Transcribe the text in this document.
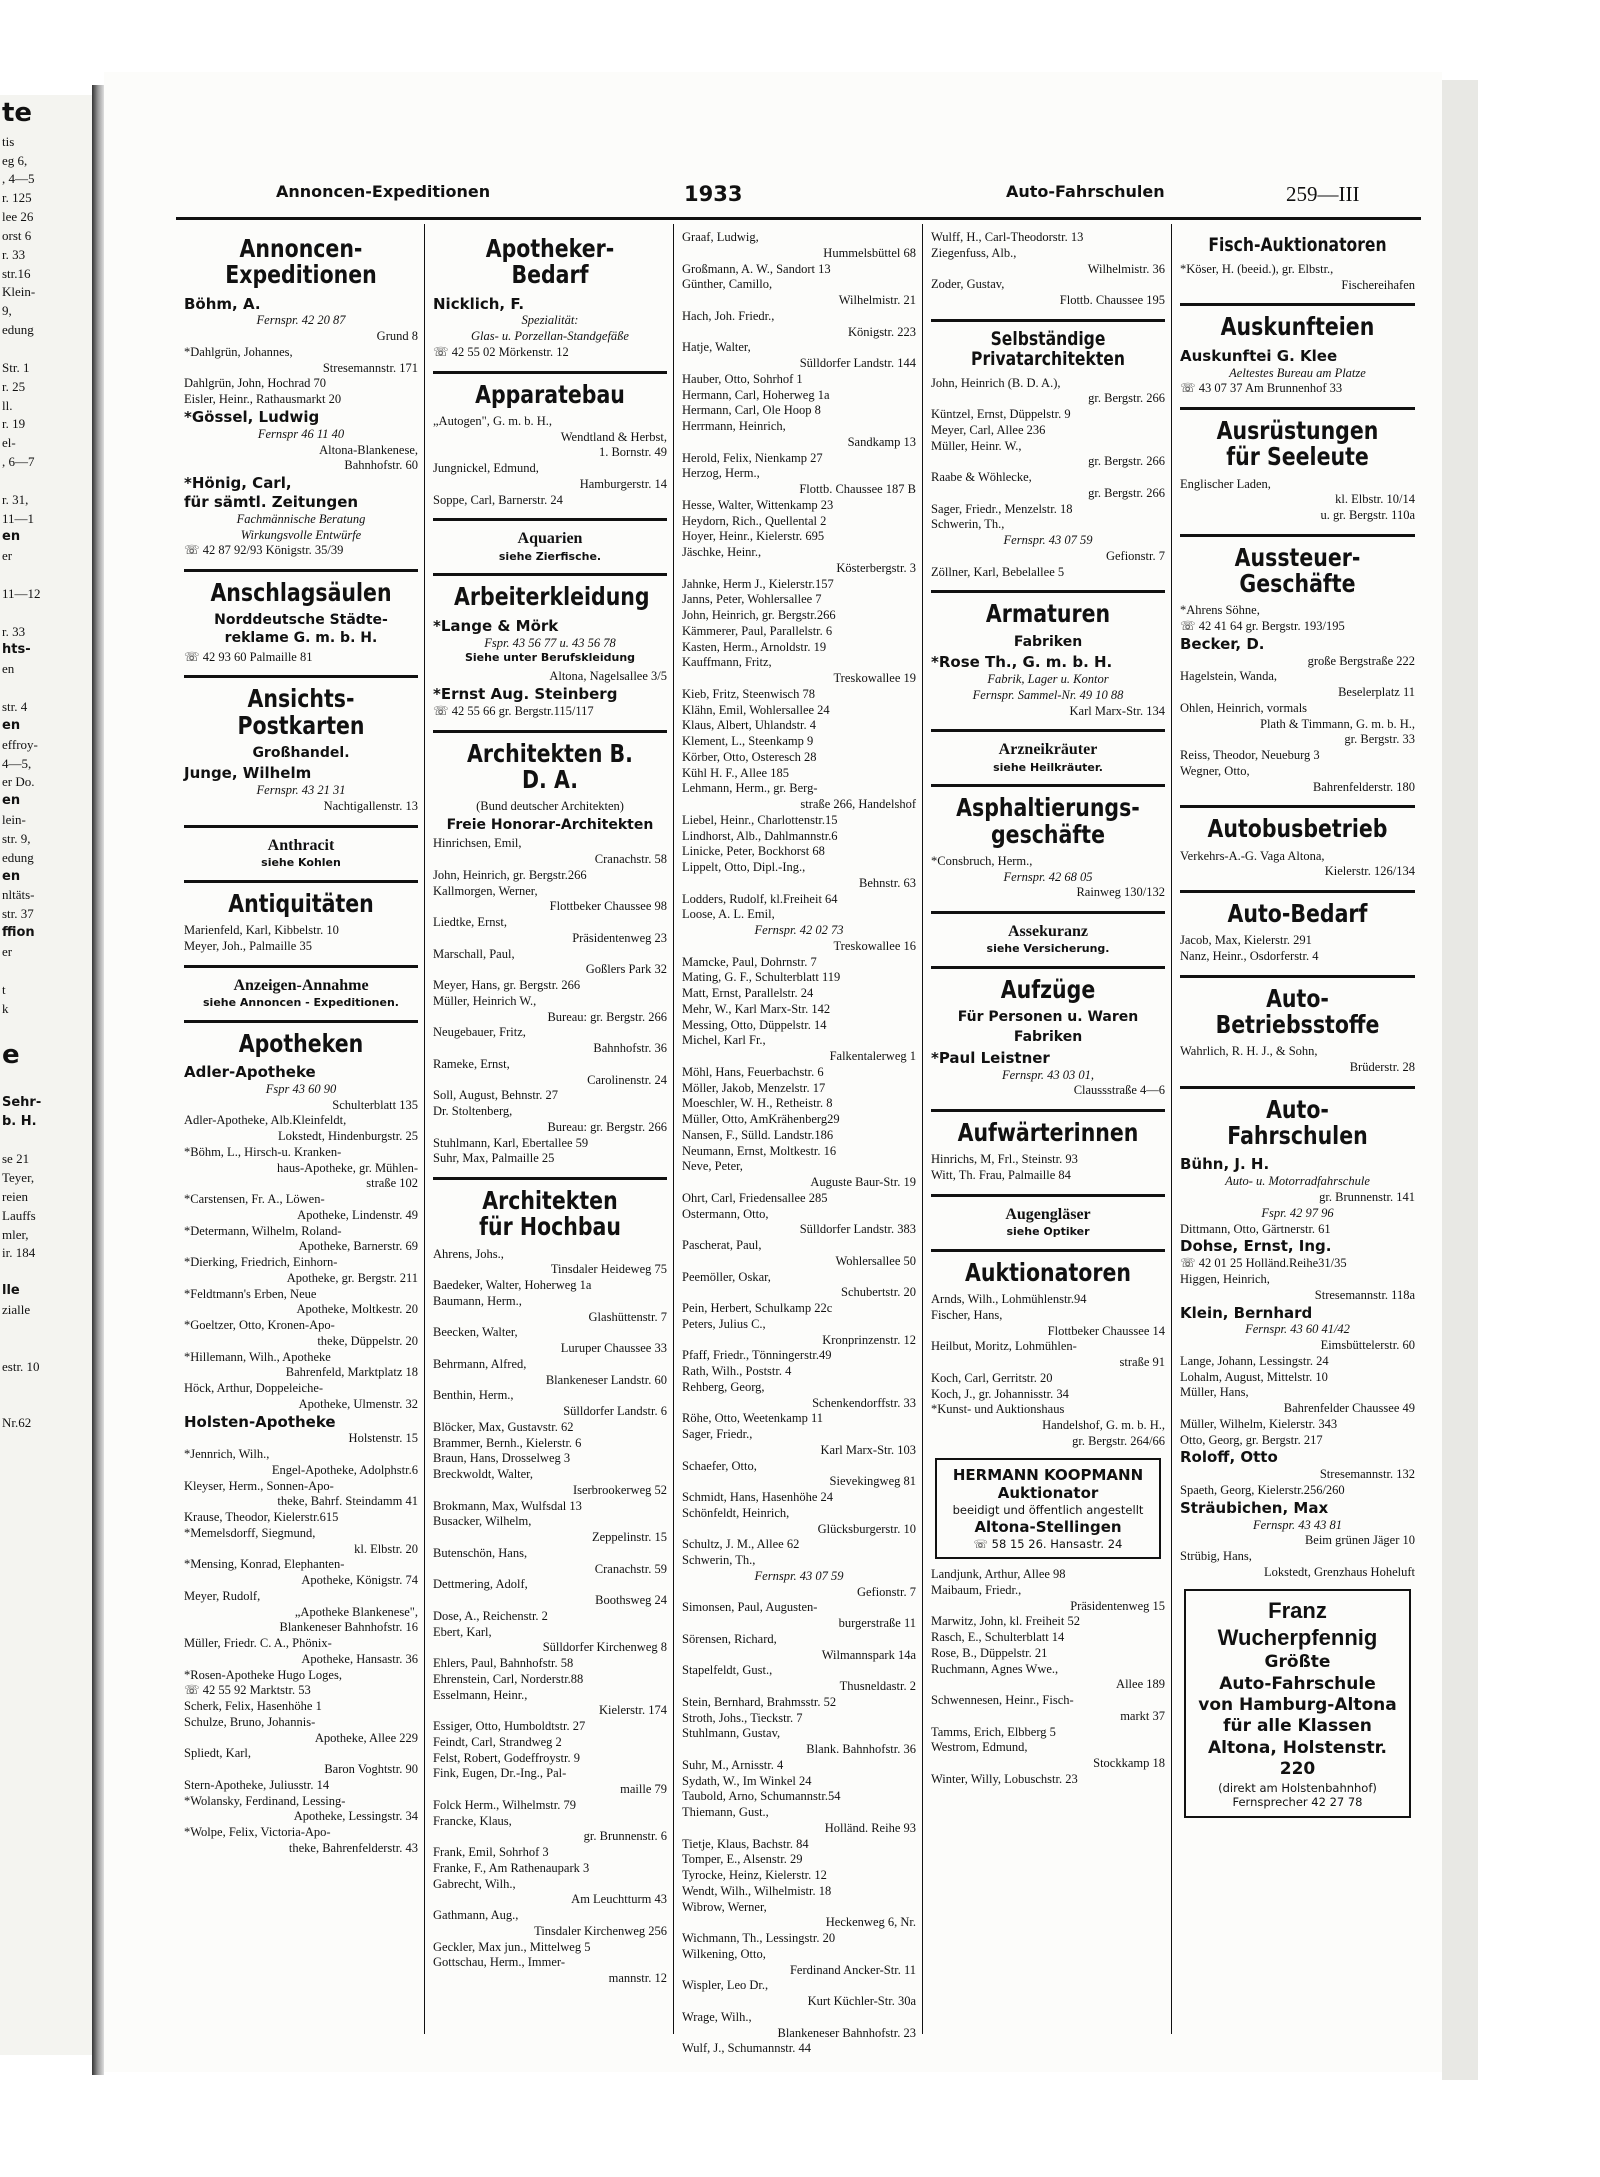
te
tis
eg 6,
, 4—5
r. 125
lee 26
orst 6
r. 33
str.16
Klein-
9,
edung

Str. 1
r. 25
ll.
r. 19
el-
, 6—7

r. 31,
11—1
en
er

11—12

r. 33
hts-
en

str. 4
en
effroy-
4—5,
er Do.
en
lein-
str. 9,
edung
en
nltäts-
str. 37
ffion
er

t
k

e

Sehr-
b. H.

se 21
Teyer,
reien
Lauffs
mler,
ir. 184

lle
zialle

estr. 10

Nr.62
Annoncen-Expeditionen	1933	Auto-Fahrschulen	259—III
Annoncen-
Expeditionen
Böhm, A.
Fernspr. 42 20 87
Grund 8
*Dahlgrün, Johannes,
Stresemannstr. 171
Dahlgrün, John, Hochrad 70
Eisler, Heinr., Rathausmarkt 20
*Gössel, Ludwig
Fernspr 46 11 40
Altona-Blankenese,
Bahnhofstr. 60
*Hönig, Carl,
für sämtl. Zeitungen
Fachmännische Beratung
Wirkungsvolle Entwürfe
☏ 42 87 92/93 Königstr. 35/39
Anschlagsäulen
Norddeutsche Städte-
reklame G. m. b. H.
☏ 42 93 60 Palmaille 81
Ansichts-Postkarten
Großhandel.
Junge, Wilhelm
Fernspr. 43 21 31
Nachtigallenstr. 13
Anthracit
siehe Kohlen
Antiquitäten
Marienfeld, Karl, Kibbelstr. 10
Meyer, Joh., Palmaille 35
Anzeigen-Annahme
siehe Annoncen - Expeditionen.
Apotheken
Adler-Apotheke
Fspr 43 60 90
Schulterblatt 135
Adler-Apotheke, Alb.Kleinfeldt,
Lokstedt, Hindenburgstr. 25
*Böhm, L., Hirsch-u. Kranken-
haus-Apotheke, gr. Mühlen-
straße 102
*Carstensen, Fr. A., Löwen-
Apotheke, Lindenstr. 49
*Determann, Wilhelm, Roland-
Apotheke, Barnerstr. 69
*Dierking, Friedrich, Einhorn-
Apotheke, gr. Bergstr. 211
*Feldtmann's Erben, Neue
Apotheke, Moltkestr. 20
*Goeltzer, Otto, Kronen-Apo-
theke, Düppelstr. 20
*Hillemann, Wilh., Apotheke
Bahrenfeld, Marktplatz 18
Höck, Arthur, Doppeleiche-
Apotheke, Ulmenstr. 32
Holsten-Apotheke
Holstenstr. 15
*Jennrich, Wilh.,
Engel-Apotheke, Adolphstr.6
Kleyser, Herm., Sonnen-Apo-
theke, Bahrf. Steindamm 41
Krause, Theodor, Kielerstr.615
*Memelsdorff, Siegmund,
kl. Elbstr. 20
*Mensing, Konrad, Elephanten-
Apotheke, Königstr. 74
Meyer, Rudolf,
„Apotheke Blankenese",
Blankeneser Bahnhofstr. 16
Müller, Friedr. C. A., Phönix-
Apotheke, Hansastr. 36
*Rosen-Apotheke Hugo Loges,
☏ 42 55 92 Marktstr. 53
Scherk, Felix, Hasenhöhe 1
Schulze, Bruno, Johannis-
Apotheke, Allee 229
Spliedt, Karl,
Baron Voghtstr. 90
Stern-Apotheke, Juliusstr. 14
*Wolansky, Ferdinand, Lessing-
Apotheke, Lessingstr. 34
*Wolpe, Felix, Victoria-Apo-
theke, Bahrenfelderstr. 43
Apotheker-Bedarf
Nicklich, F.
Spezialität:
Glas- u. Porzellan-Standgefäße
☏ 42 55 02 Mörkenstr. 12
Apparatebau
„Autogen", G. m. b. H.,
Wendtland & Herbst,
1. Bornstr. 49
Jungnickel, Edmund,
Hamburgerstr. 14
Soppe, Carl, Barnerstr. 24
Aquarien
siehe Zierfische.
Arbeiterkleidung
*Lange & Mörk
Fspr. 43 56 77 u. 43 56 78
Siehe unter Berufskleidung
Altona, Nagelsallee 3/5
*Ernst Aug. Steinberg
☏ 42 55 66 gr. Bergstr.115/117
Architekten B. D. A.
(Bund deutscher Architekten)
Freie Honorar-Architekten
Hinrichsen, Emil,
Cranachstr. 58
John, Heinrich, gr. Bergstr.266
Kallmorgen, Werner,
Flottbeker Chaussee 98
Liedtke, Ernst,
Präsidentenweg 23
Marschall, Paul,
Goßlers Park 32
Meyer, Hans, gr. Bergstr. 266
Müller, Heinrich W.,
Bureau: gr. Bergstr. 266
Neugebauer, Fritz,
Bahnhofstr. 36
Rameke, Ernst,
Carolinenstr. 24
Soll, August, Behnstr. 27
Dr. Stoltenberg,
Bureau: gr. Bergstr. 266
Stuhlmann, Karl, Ebertallee 59
Suhr, Max, Palmaille 25
Architekten
für Hochbau
Ahrens, Johs.,
Tinsdaler Heideweg 75
Baedeker, Walter, Hoherweg 1a
Baumann, Herm.,
Glashüttenstr. 7
Beecken, Walter,
Luruper Chaussee 33
Behrmann, Alfred,
Blankeneser Landstr. 60
Benthin, Herm.,
Sülldorfer Landstr. 6
Blöcker, Max, Gustavstr. 62
Brammer, Bernh., Kielerstr. 6
Braun, Hans, Drosselweg 3
Breckwoldt, Walter,
Iserbrookerweg 52
Brokmann, Max, Wulfsdal 13
Busacker, Wilhelm,
Zeppelinstr. 15
Butenschön, Hans,
Cranachstr. 59
Dettmering, Adolf,
Boothsweg 24
Dose, A., Reichenstr. 2
Ebert, Karl,
Sülldorfer Kirchenweg 8
Ehlers, Paul, Bahnhofstr. 58
Ehrenstein, Carl, Norderstr.88
Esselmann, Heinr.,
Kielerstr. 174
Essiger, Otto, Humboldtstr. 27
Feindt, Carl, Strandweg 2
Felst, Robert, Godeffroystr. 9
Fink, Eugen, Dr.-Ing., Pal-
maille 79
Folck Herm., Wilhelmstr. 79
Francke, Klaus,
gr. Brunnenstr. 6
Frank, Emil, Sohrhof 3
Franke, F., Am Rathenaupark 3
Gabrecht, Wilh.,
Am Leuchtturm 43
Gathmann, Aug.,
Tinsdaler Kirchenweg 256
Geckler, Max jun., Mittelweg 5
Gottschau, Herm., Immer-
mannstr. 12
Graaf, Ludwig,
Hummelsbüttel 68
Großmann, A. W., Sandort 13
Günther, Camillo,
Wilhelmistr. 21
Hach, Joh. Friedr.,
Königstr. 223
Hatje, Walter,
Sülldorfer Landstr. 144
Hauber, Otto, Sohrhof 1
Hermann, Carl, Hoherweg 1a
Hermann, Carl, Ole Hoop 8
Herrmann, Heinrich,
Sandkamp 13
Herold, Felix, Nienkamp 27
Herzog, Herm.,
Flottb. Chaussee 187 B
Hesse, Walter, Wittenkamp 23
Heydorn, Rich., Quellental 2
Hoyer, Heinr., Kielerstr. 695
Jäschke, Heinr.,
Kösterbergstr. 3
Jahnke, Herm J., Kielerstr.157
Janns, Peter, Wohlersallee 7
John, Heinrich, gr. Bergstr.266
Kämmerer, Paul, Parallelstr. 6
Kasten, Herm., Arnoldstr. 19
Kauffmann, Fritz,
Treskowallee 19
Kieb, Fritz, Steenwisch 78
Klähn, Emil, Wohlersallee 24
Klaus, Albert, Uhlandstr. 4
Klement, L., Steenkamp 9
Körber, Otto, Osteresch 28
Kühl H. F., Allee 185
Lehmann, Herm., gr. Berg-
straße 266, Handelshof
Liebel, Heinr., Charlottenstr.15
Lindhorst, Alb., Dahlmannstr.6
Linicke, Peter, Bockhorst 68
Lippelt, Otto, Dipl.-Ing.,
Behnstr. 63
Lodders, Rudolf, kl.Freiheit 64
Loose, A. L. Emil,
Fernspr. 42 02 73
Treskowallee 16
Mamcke, Paul, Dohrnstr. 7
Mating, G. F., Schulterblatt 119
Matt, Ernst, Parallelstr. 24
Mehr, W., Karl Marx-Str. 142
Messing, Otto, Düppelstr. 14
Michel, Karl Fr.,
Falkentalerweg 1
Möhl, Hans, Feuerbachstr. 6
Möller, Jakob, Menzelstr. 17
Moeschler, W. H., Retheistr. 8
Müller, Otto, AmKrähenberg29
Nansen, F., Sülld. Landstr.186
Neumann, Ernst, Moltkestr. 16
Neve, Peter,
Auguste Baur-Str. 19
Ohrt, Carl, Friedensallee 285
Ostermann, Otto,
Sülldorfer Landstr. 383
Pascherat, Paul,
Wohlersallee 50
Peemöller, Oskar,
Schubertstr. 20
Pein, Herbert, Schulkamp 22c
Peters, Julius C.,
Kronprinzenstr. 12
Pfaff, Friedr., Tönningerstr.49
Rath, Wilh., Poststr. 4
Rehberg, Georg,
Schenkendorffstr. 33
Röhe, Otto, Weetenkamp 11
Sager, Friedr.,
Karl Marx-Str. 103
Schaefer, Otto,
Sievekingweg 81
Schmidt, Hans, Hasenhöhe 24
Schönfeldt, Heinrich,
Glücksburgerstr. 10
Schultz, J. M., Allee 62
Schwerin, Th.,
Fernspr. 43 07 59
Gefionstr. 7
Simonsen, Paul, Augusten-
burgerstraße 11
Sörensen, Richard,
Wilmannspark 14a
Stapelfeldt, Gust.,
Thusneldastr. 2
Stein, Bernhard, Brahmsstr. 52
Stroth, Johs., Tieckstr. 7
Stuhlmann, Gustav,
Blank. Bahnhofstr. 36
Suhr, M., Arnisstr. 4
Sydath, W., Im Winkel 24
Taubold, Arno, Schumannstr.54
Thiemann, Gust.,
Holländ. Reihe 93
Tietje, Klaus, Bachstr. 84
Tomper, E., Alsenstr. 29
Tyrocke, Heinz, Kielerstr. 12
Wendt, Wilh., Wilhelmistr. 18
Wibrow, Werner,
Heckenweg 6, Nr.
Wichmann, Th., Lessingstr. 20
Wilkening, Otto,
Ferdinand Ancker-Str. 11
Wispler, Leo Dr.,
Kurt Küchler-Str. 30a
Wrage, Wilh.,
Blankeneser Bahnhofstr. 23
Wulf, J., Schumannstr. 44
Wulff, H., Carl-Theodorstr. 13
Ziegenfuss, Alb.,
Wilhelmistr. 36
Zoder, Gustav,
Flottb. Chaussee 195
Selbständige
Privatarchitekten
John, Heinrich (B. D. A.),
gr. Bergstr. 266
Küntzel, Ernst, Düppelstr. 9
Meyer, Carl, Allee 236
Müller, Heinr. W.,
gr. Bergstr. 266
Raabe & Wöhlecke,
gr. Bergstr. 266
Sager, Friedr., Menzelstr. 18
Schwerin, Th.,
Fernspr. 43 07 59
Gefionstr. 7
Zöllner, Karl, Bebelallee 5
Armaturen
Fabriken
*Rose Th., G. m. b. H.
Fabrik, Lager u. Kontor
Fernspr. Sammel-Nr. 49 10 88
Karl Marx-Str. 134
Arzneikräuter
siehe Heilkräuter.
Asphaltierungs-
geschäfte
*Consbruch, Herm.,
Fernspr. 42 68 05
Rainweg 130/132
Assekuranz
siehe Versicherung.
Aufzüge
Für Personen u. Waren
Fabriken
*Paul Leistner
Fernspr. 43 03 01,
Claussstraße 4—6
Aufwärterinnen
Hinrichs, M, Frl., Steinstr. 93
Witt, Th. Frau, Palmaille 84
Augengläser
siehe Optiker
Auktionatoren
Arnds, Wilh., Lohmühlenstr.94
Fischer, Hans,
Flottbeker Chaussee 14
Heilbut, Moritz, Lohmühlen-
straße 91
Koch, Carl, Gerritstr. 20
Koch, J., gr. Johannisstr. 34
*Kunst- und Auktionshaus
Handelshof, G. m. b. H.,
gr. Bergstr. 264/66
HERMANN KOOPMANN
Auktionator
beeidigt und öffentlich angestellt
Altona-Stellingen
☏ 58 15 26. Hansastr. 24
Landjunk, Arthur, Allee 98
Maibaum, Friedr.,
Präsidentenweg 15
Marwitz, John, kl. Freiheit 52
Rasch, E., Schulterblatt 14
Rose, B., Düppelstr. 21
Ruchmann, Agnes Wwe.,
Allee 189
Schwennesen, Heinr., Fisch-
markt 37
Tamms, Erich, Elbberg 5
Westrom, Edmund,
Stockkamp 18
Winter, Willy, Lobuschstr. 23
Fisch-Auktionatoren
*Köser, H. (beeid.), gr. Elbstr.,
Fischereihafen
Auskunfteien
Auskunftei G. Klee
Aeltestes Bureau am Platze
☏ 43 07 37 Am Brunnenhof 33
Ausrüstungen
für Seeleute
Englischer Laden,
kl. Elbstr. 10/14
u. gr. Bergstr. 110a
Aussteuer-Geschäfte
*Ahrens Söhne,
☏ 42 41 64 gr. Bergstr. 193/195
Becker, D.
große Bergstraße 222
Hagelstein, Wanda,
Beselerplatz 11
Ohlen, Heinrich, vormals
Plath & Timmann, G. m. b. H.,
gr. Bergstr. 33
Reiss, Theodor, Neueburg 3
Wegner, Otto,
Bahrenfelderstr. 180
Autobusbetrieb
Verkehrs-A.-G. Vaga Altona,
Kielerstr. 126/134
Auto-Bedarf
Jacob, Max, Kielerstr. 291
Nanz, Heinr., Osdorferstr. 4
Auto-
Betriebsstoffe
Wahrlich, R. H. J., & Sohn,
Brüderstr. 28
Auto-Fahrschulen
Bühn, J. H.
Auto- u. Motorradfahrschule
gr. Brunnenstr. 141
Fspr. 42 97 96
Dittmann, Otto, Gärtnerstr. 61
Dohse, Ernst, Ing.
☏ 42 01 25 Holländ.Reihe31/35
Higgen, Heinrich,
Stresemannstr. 118a
Klein, Bernhard
Fernspr. 43 60 41/42
Eimsbüttelerstr. 60
Lange, Johann, Lessingstr. 24
Lohalm, August, Mittelstr. 10
Müller, Hans,
Bahrenfelder Chaussee 49
Müller, Wilhelm, Kielerstr. 343
Otto, Georg, gr. Bergstr. 217
Roloff, Otto
Stresemannstr. 132
Spaeth, Georg, Kielerstr.256/260
Sträubichen, Max
Fernspr. 43 43 81
Beim grünen Jäger 10
Strübig, Hans,
Lokstedt, Grenzhaus Hoheluft
Franz Wucherpfennig
Größte
Auto-Fahrschule
von Hamburg-Altona
für alle Klassen
Altona, Holstenstr. 220
(direkt am Holstenbahnhof)
Fernsprecher 42 27 78
